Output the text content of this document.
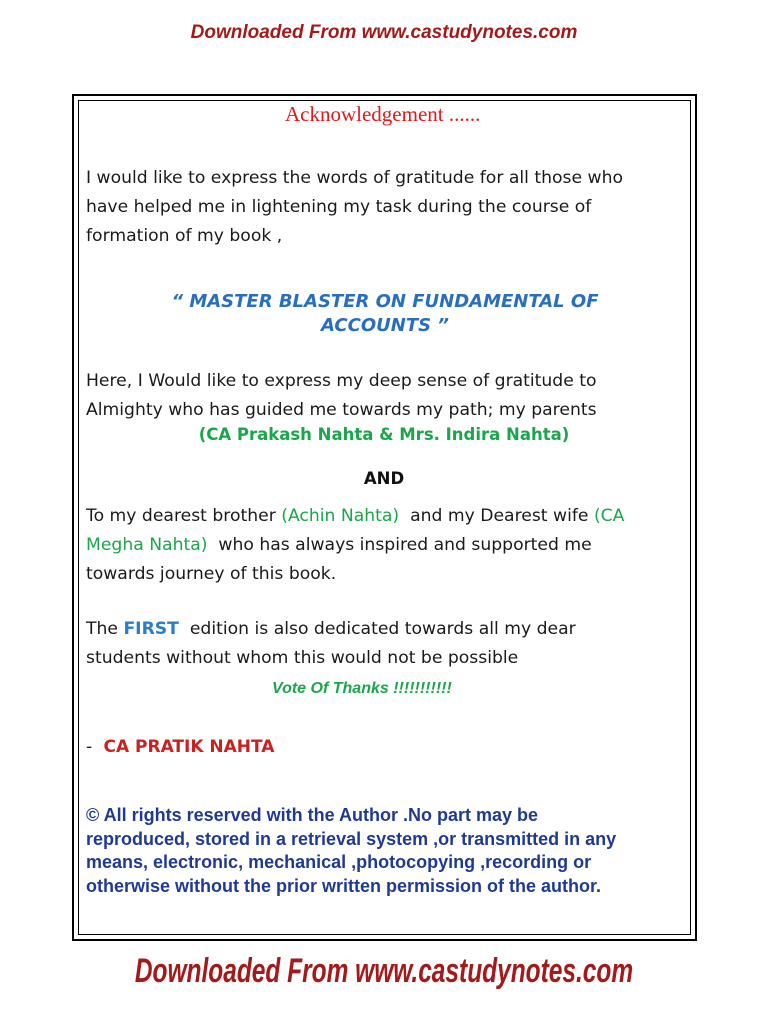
Downloaded From www.castudynotes.com
Acknowledgement ......
I would like to express the words of gratitude for all those who
have helped me in lightening my task during the course of
formation of my book ,
“ MASTER BLASTER ON FUNDAMENTAL OF
ACCOUNTS ”
Here, I Would like to express my deep sense of gratitude to
Almighty who has guided me towards my path; my parents
(CA Prakash Nahta & Mrs. Indira Nahta)
AND
To my dearest brother (Achin Nahta)  and my Dearest wife (CA
Megha Nahta)  who has always inspired and supported me
towards journey of this book.
The FIRST  edition is also dedicated towards all my dear
students without whom this would not be possible
Vote Of Thanks !!!!!!!!!!!
-  CA PRATIK NAHTA
© All rights reserved with the Author .No part may be
reproduced, stored in a retrieval system ,or transmitted in any
means, electronic, mechanical ,photocopying ,recording or
otherwise without the prior written permission of the author.
Downloaded From www.castudynotes.com
